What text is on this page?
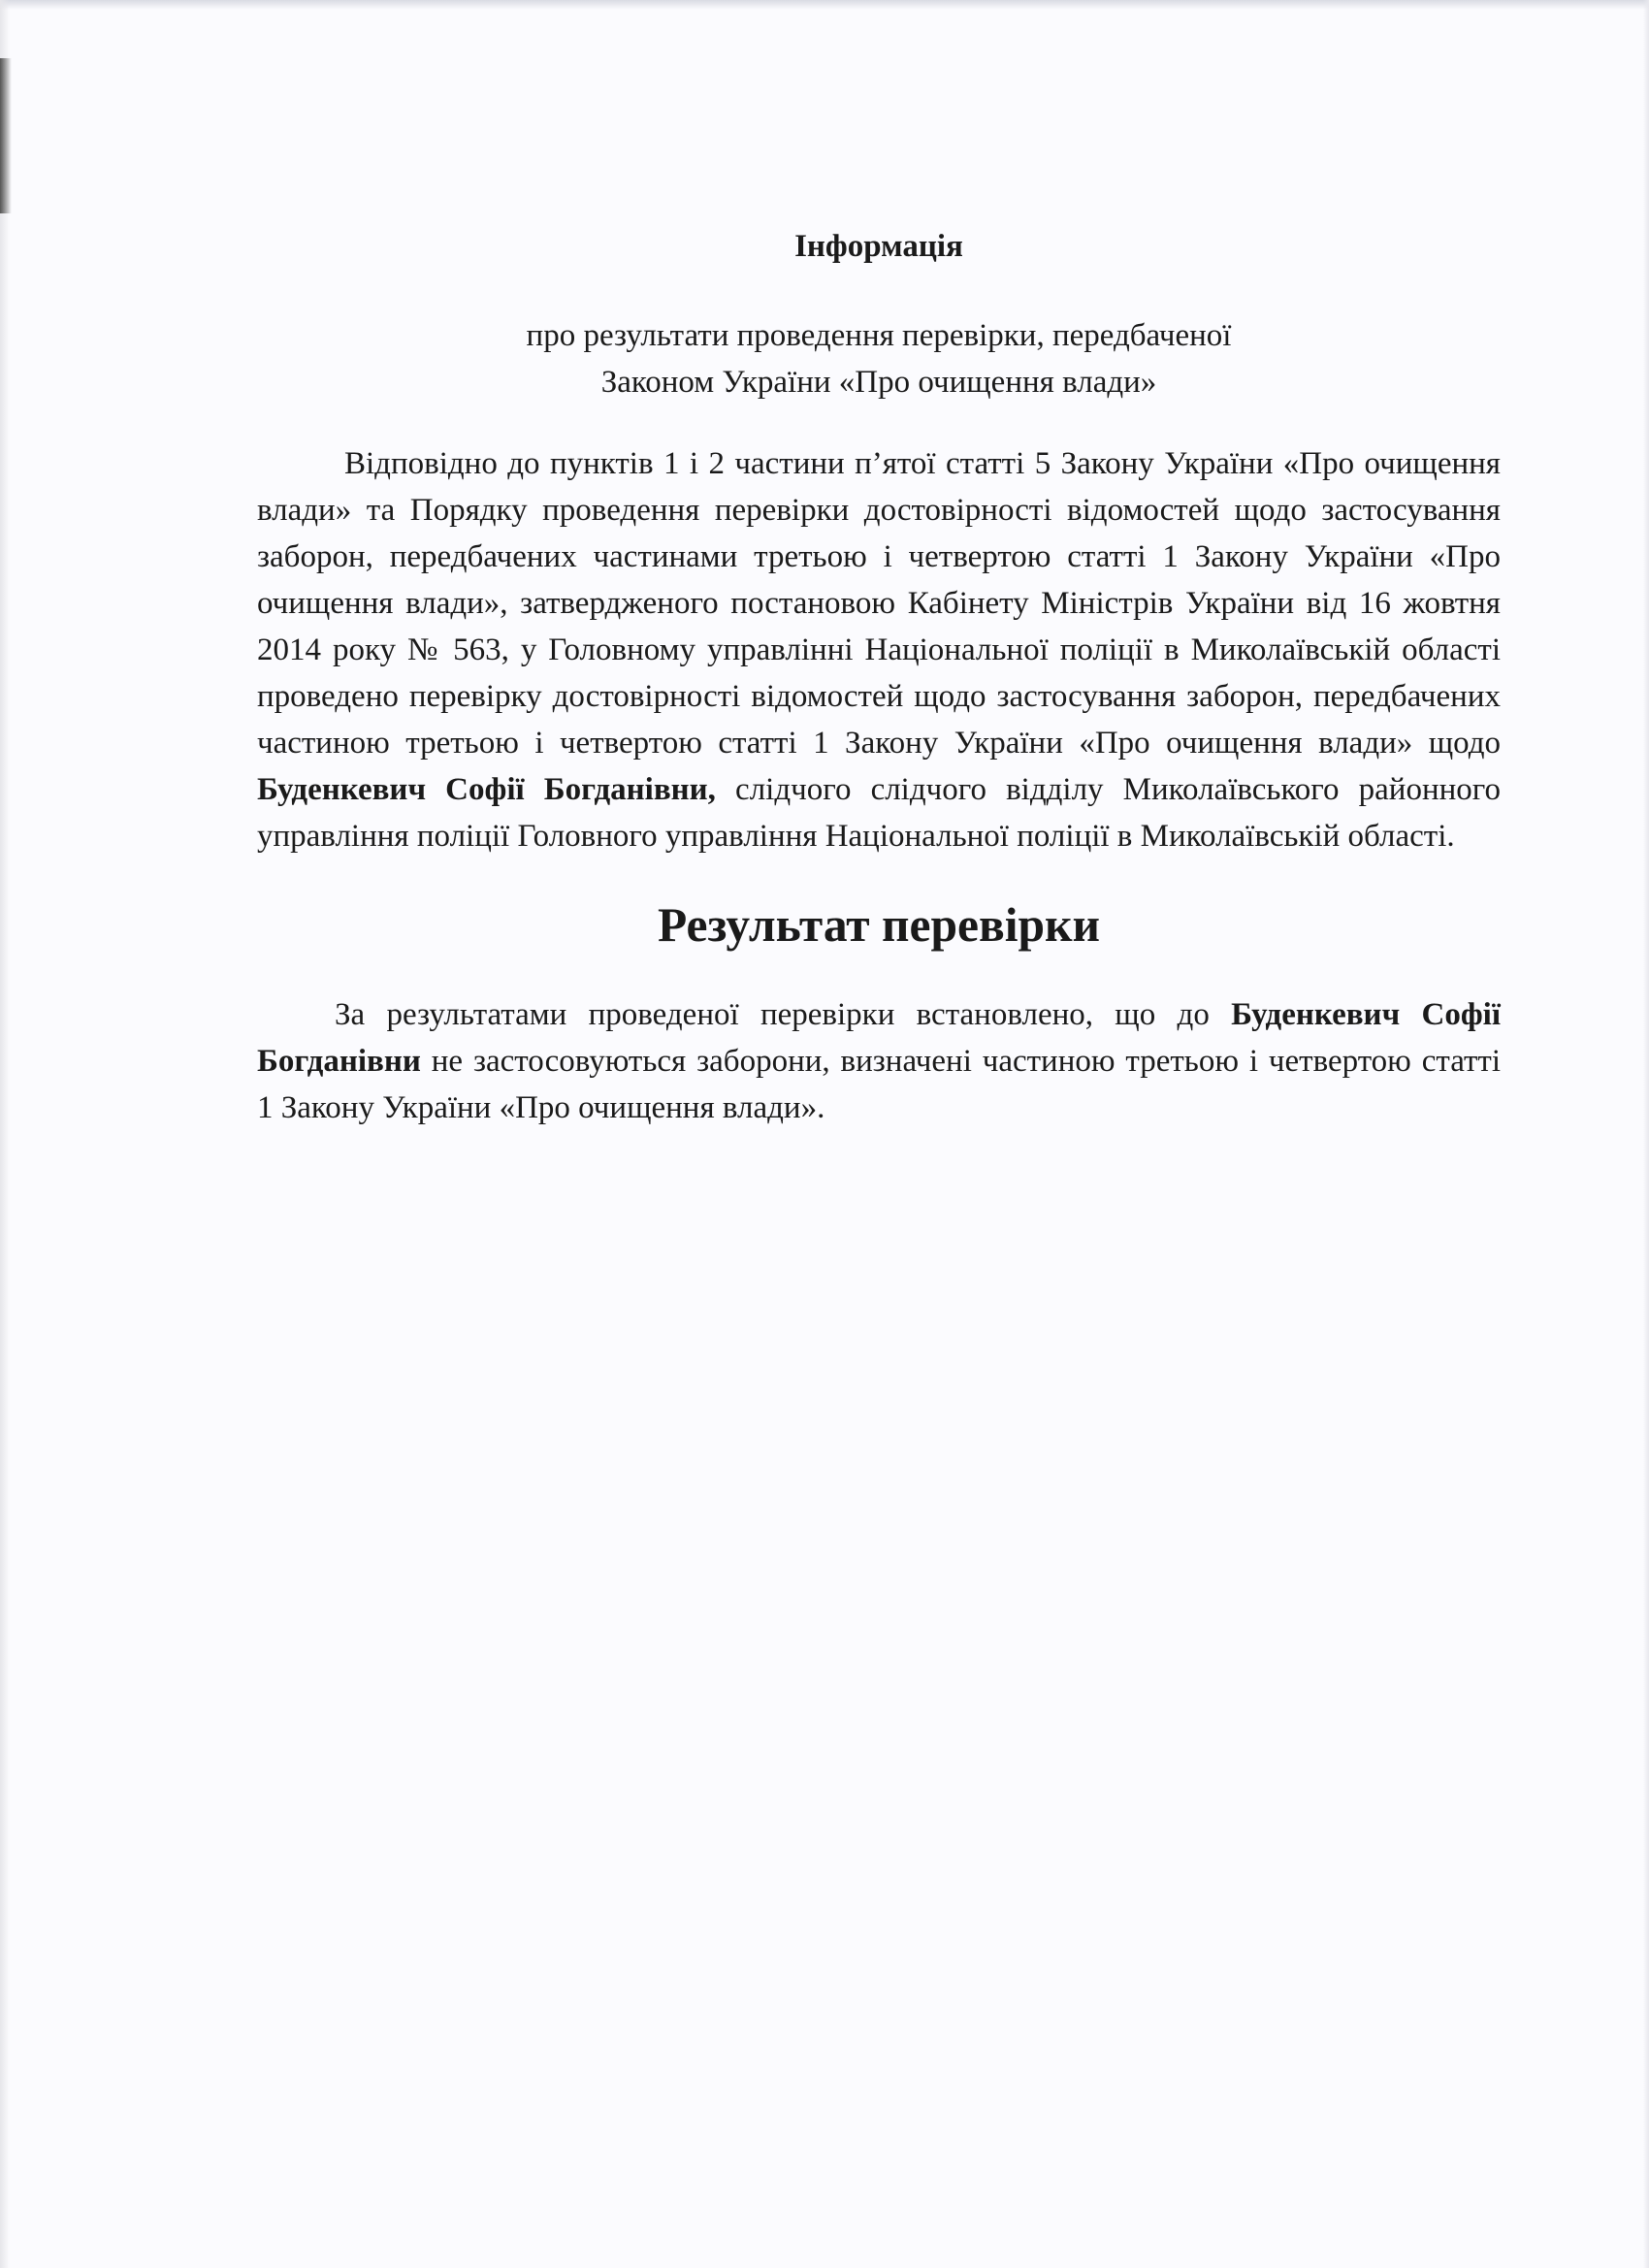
Інформація
про результати проведення перевірки, передбаченої
Законом України «Про очищення влади»

Відповідно до пунктів 1 і 2 частини п’ятої статті 5 Закону України «Про очищення влади» та Порядку проведення перевірки достовірності відомостей щодо застосування заборон, передбачених частинами третьою і четвертою статті 1 Закону України «Про очищення влади», затвердженого постановою Кабінету Міністрів України від 16 жовтня 2014 року № 563, у Головному управлінні Національної поліції в Миколаївській області проведено перевірку достовірності відомостей щодо застосування заборон, передбачених частиною третьою і четвертою статті 1 Закону України «Про очищення влади» щодо Буденкевич Софії Богданівни, слідчого слідчого відділу Миколаївського районного управління поліції Головного управління Національної поліції в Миколаївській області.

Результат перевірки

За результатами проведеної перевірки встановлено, що до Буденкевич Софії Богданівни не застосовуються заборони, визначені частиною третьою і четвертою статті 1 Закону України «Про очищення влади».
